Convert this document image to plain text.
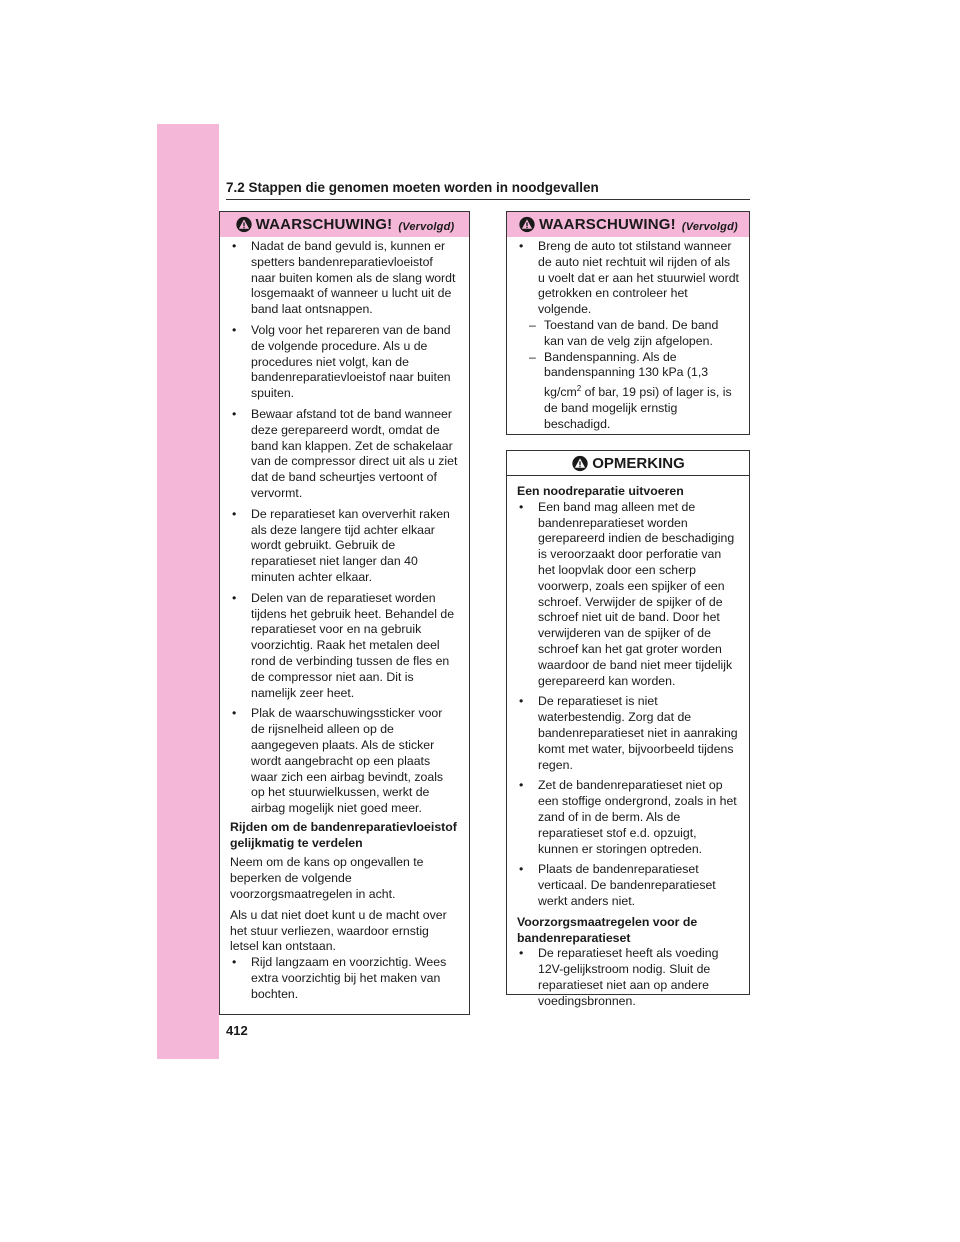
412
7.2 Stappen die genomen moeten worden in noodgevallen
WAARSCHUWING! (Vervolgd)
• Nadat de band gevuld is, kunnen er spetters bandenreparatievloeistof naar buiten komen als de slang wordt losgemaakt of wanneer u lucht uit de band laat ontsnappen.
• Volg voor het repareren van de band de volgende procedure. Als u de procedures niet volgt, kan de bandenreparatievloeistof naar buiten spuiten.
• Bewaar afstand tot de band wanneer deze gerepareerd wordt, omdat de band kan klappen. Zet de schakelaar van de compressor direct uit als u ziet dat de band scheurtjes vertoont of vervormt.
• De reparatieset kan oververhit raken als deze langere tijd achter elkaar wordt gebruikt. Gebruik de reparatieset niet langer dan 40 minuten achter elkaar.
• Delen van de reparatieset worden tijdens het gebruik heet. Behandel de reparatieset voor en na gebruik voorzichtig. Raak het metalen deel rond de verbinding tussen de fles en de compressor niet aan. Dit is namelijk zeer heet.
• Plak de waarschuwingssticker voor de rijsnelheid alleen op de aangegeven plaats. Als de sticker wordt aangebracht op een plaats waar zich een airbag bevindt, zoals op het stuurwielkussen, werkt de airbag mogelijk niet goed meer.

Rijden om de bandenreparatievloeistof gelijkmatig te verdelen

Neem om de kans op ongevallen te beperken de volgende voorzorgsmaatregelen in acht.

Als u dat niet doet kunt u de macht over het stuur verliezen, waardoor ernstig letsel kan ontstaan.

• Rijd langzaam en voorzichtig. Wees extra voorzichtig bij het maken van bochten.
WAARSCHUWING! (Vervolgd)
• Breng de auto tot stilstand wanneer de auto niet rechtuit wil rijden of als u voelt dat er aan het stuurwiel wordt getrokken en controleer het volgende.
– Toestand van de band. De band kan van de velg zijn afgelopen.
– Bandenspanning. Als de bandenspanning 130 kPa (1,3 $kg/cm^2$ of bar, 19 psi) of lager is, is de band mogelijk ernstig beschadigd.
OPMERKING

Een noodreparatie uitvoeren

• Een band mag alleen met de bandenreparatieset worden gerepareerd indien de beschadiging is veroorzaakt door perforatie van het loopvlak door een scherp voorwerp, zoals een spijker of een schroef. Verwijder de spijker of de schroef niet uit de band. Door het verwijderen van de spijker of de schroef kan het gat groter worden waardoor de band niet meer tijdelijk gerepareerd kan worden.
• De reparatieset is niet waterbestendig. Zorg dat de bandenreparatieset niet in aanraking komt met water, bijvoorbeeld tijdens regen.
• Zet de bandenreparatieset niet op een stoffige ondergrond, zoals in het zand of in de berm. Als de reparatieset stof e.d. opzuigt, kunnen er storingen optreden.
• Plaats de bandenreparatieset verticaal. De bandenreparatieset werkt anders niet.

Voorzorgsmaatregelen voor de bandenreparatieset

• De reparatieset heeft als voeding 12V-gelijkstroom nodig. Sluit de reparatieset niet aan op andere voedingsbronnen.
